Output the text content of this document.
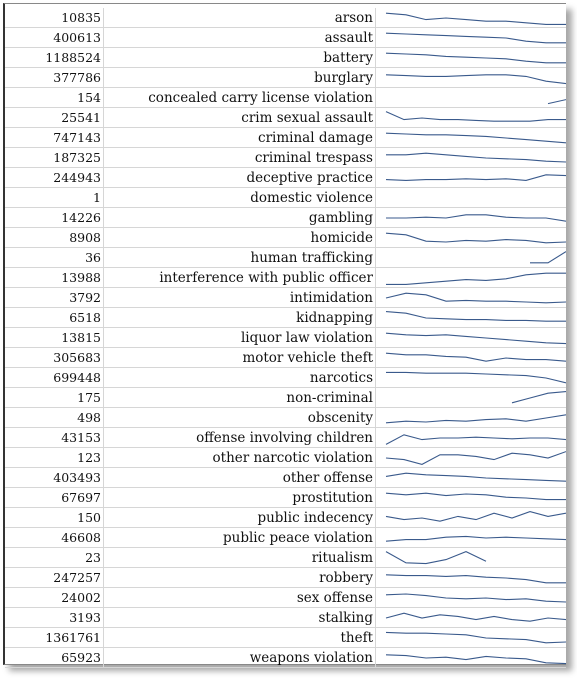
10835	arson
400613	assault
1188524	battery
377786	burglary
154	concealed carry license violation
25541	crim sexual assault
747143	criminal damage
187325	criminal trespass
244943	deceptive practice
1	domestic violence
14226	gambling
8908	homicide
36	human trafficking
13988	interference with public officer
3792	intimidation
6518	kidnapping
13815	liquor law violation
305683	motor vehicle theft
699448	narcotics
175	non-criminal
498	obscenity
43153	offense involving children
123	other narcotic violation
403493	other offense
67697	prostitution
150	public indecency
46608	public peace violation
23	ritualism
247257	robbery
24002	sex offense
3193	stalking
1361761	theft
65923	weapons violation
